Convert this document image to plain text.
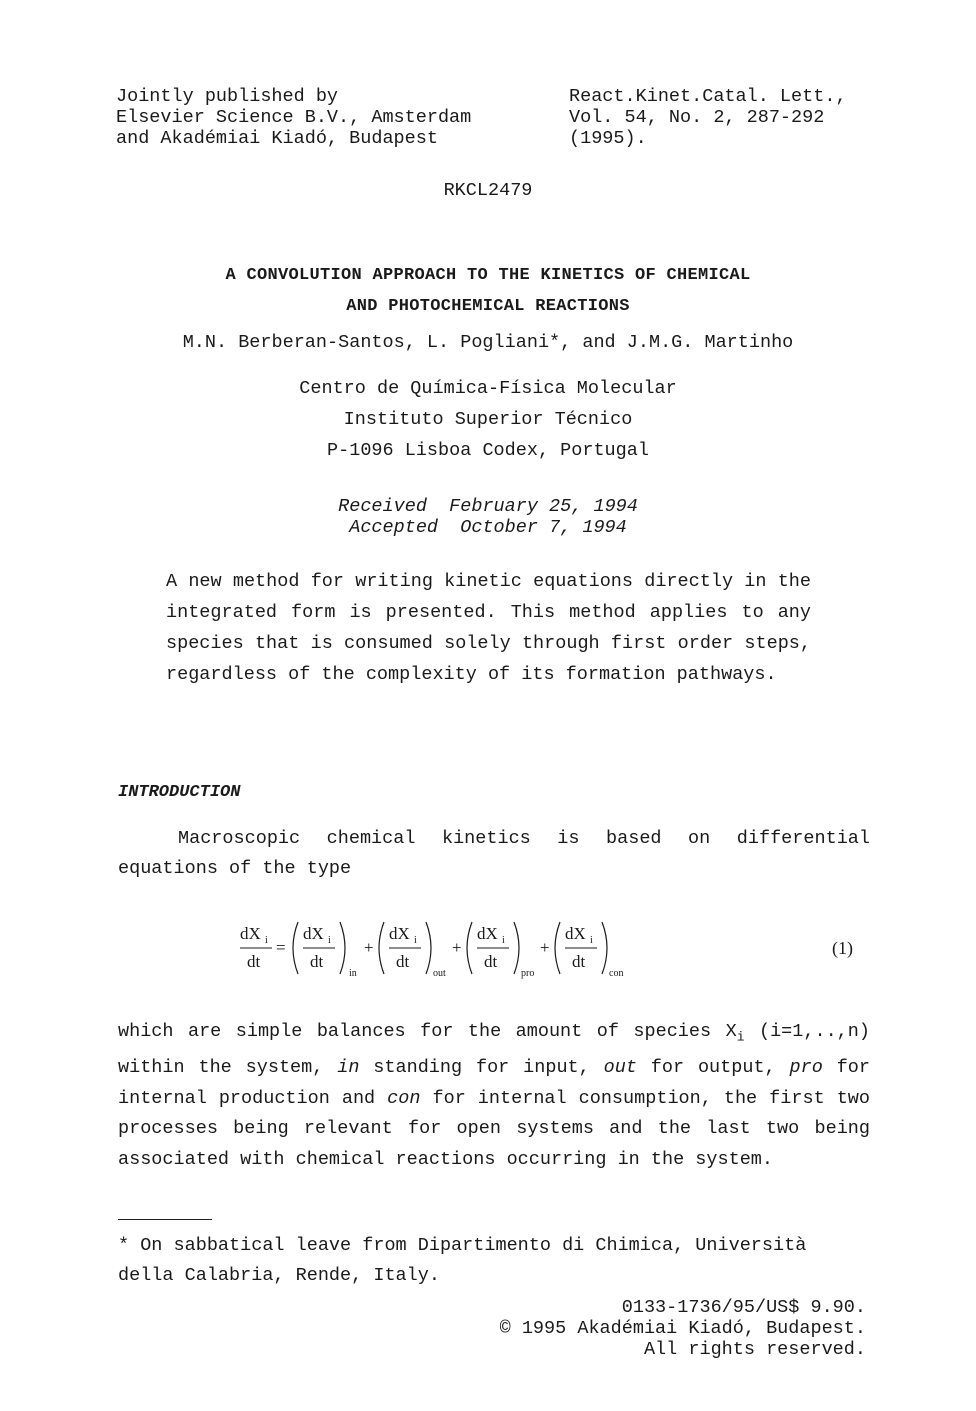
Jointly published by
Elsevier Science B.V., Amsterdam
and Akadémiai Kiadó, Budapest
React.Kinet.Catal. Lett.,
Vol. 54, No. 2, 287-292
(1995).
RKCL2479
A CONVOLUTION APPROACH TO THE KINETICS OF CHEMICAL
AND PHOTOCHEMICAL REACTIONS
M.N. Berberan-Santos, L. Pogliani*, and J.M.G. Martinho
Centro de Química-Física Molecular
Instituto Superior Técnico
P-1096 Lisboa Codex, Portugal
Received  February 25, 1994
Accepted  October 7, 1994
A new method for writing kinetic equations directly in the integrated form is presented. This method applies to any species that is consumed solely through first order steps, regardless of the complexity of its formation pathways.
INTRODUCTION
Macroscopic chemical kinetics is based on differential equations of the type
dX i
dt
=
dX i
dt
in
+
dX i
dt
out
+
dX i
dt
pro
+
dX i
dt
con
(1)
which are simple balances for the amount of species $X_i$ (i=1,..,n) within the system, in standing for input, out for output, pro for internal production and con for internal consumption, the first two processes being relevant for open systems and the last two being associated with chemical reactions occurring in the system.
* On sabbatical leave from Dipartimento di Chimica, Università della Calabria, Rende, Italy.
0133-1736/95/US$ 9.90.
© 1995 Akadémiai Kiadó, Budapest.
All rights reserved.
